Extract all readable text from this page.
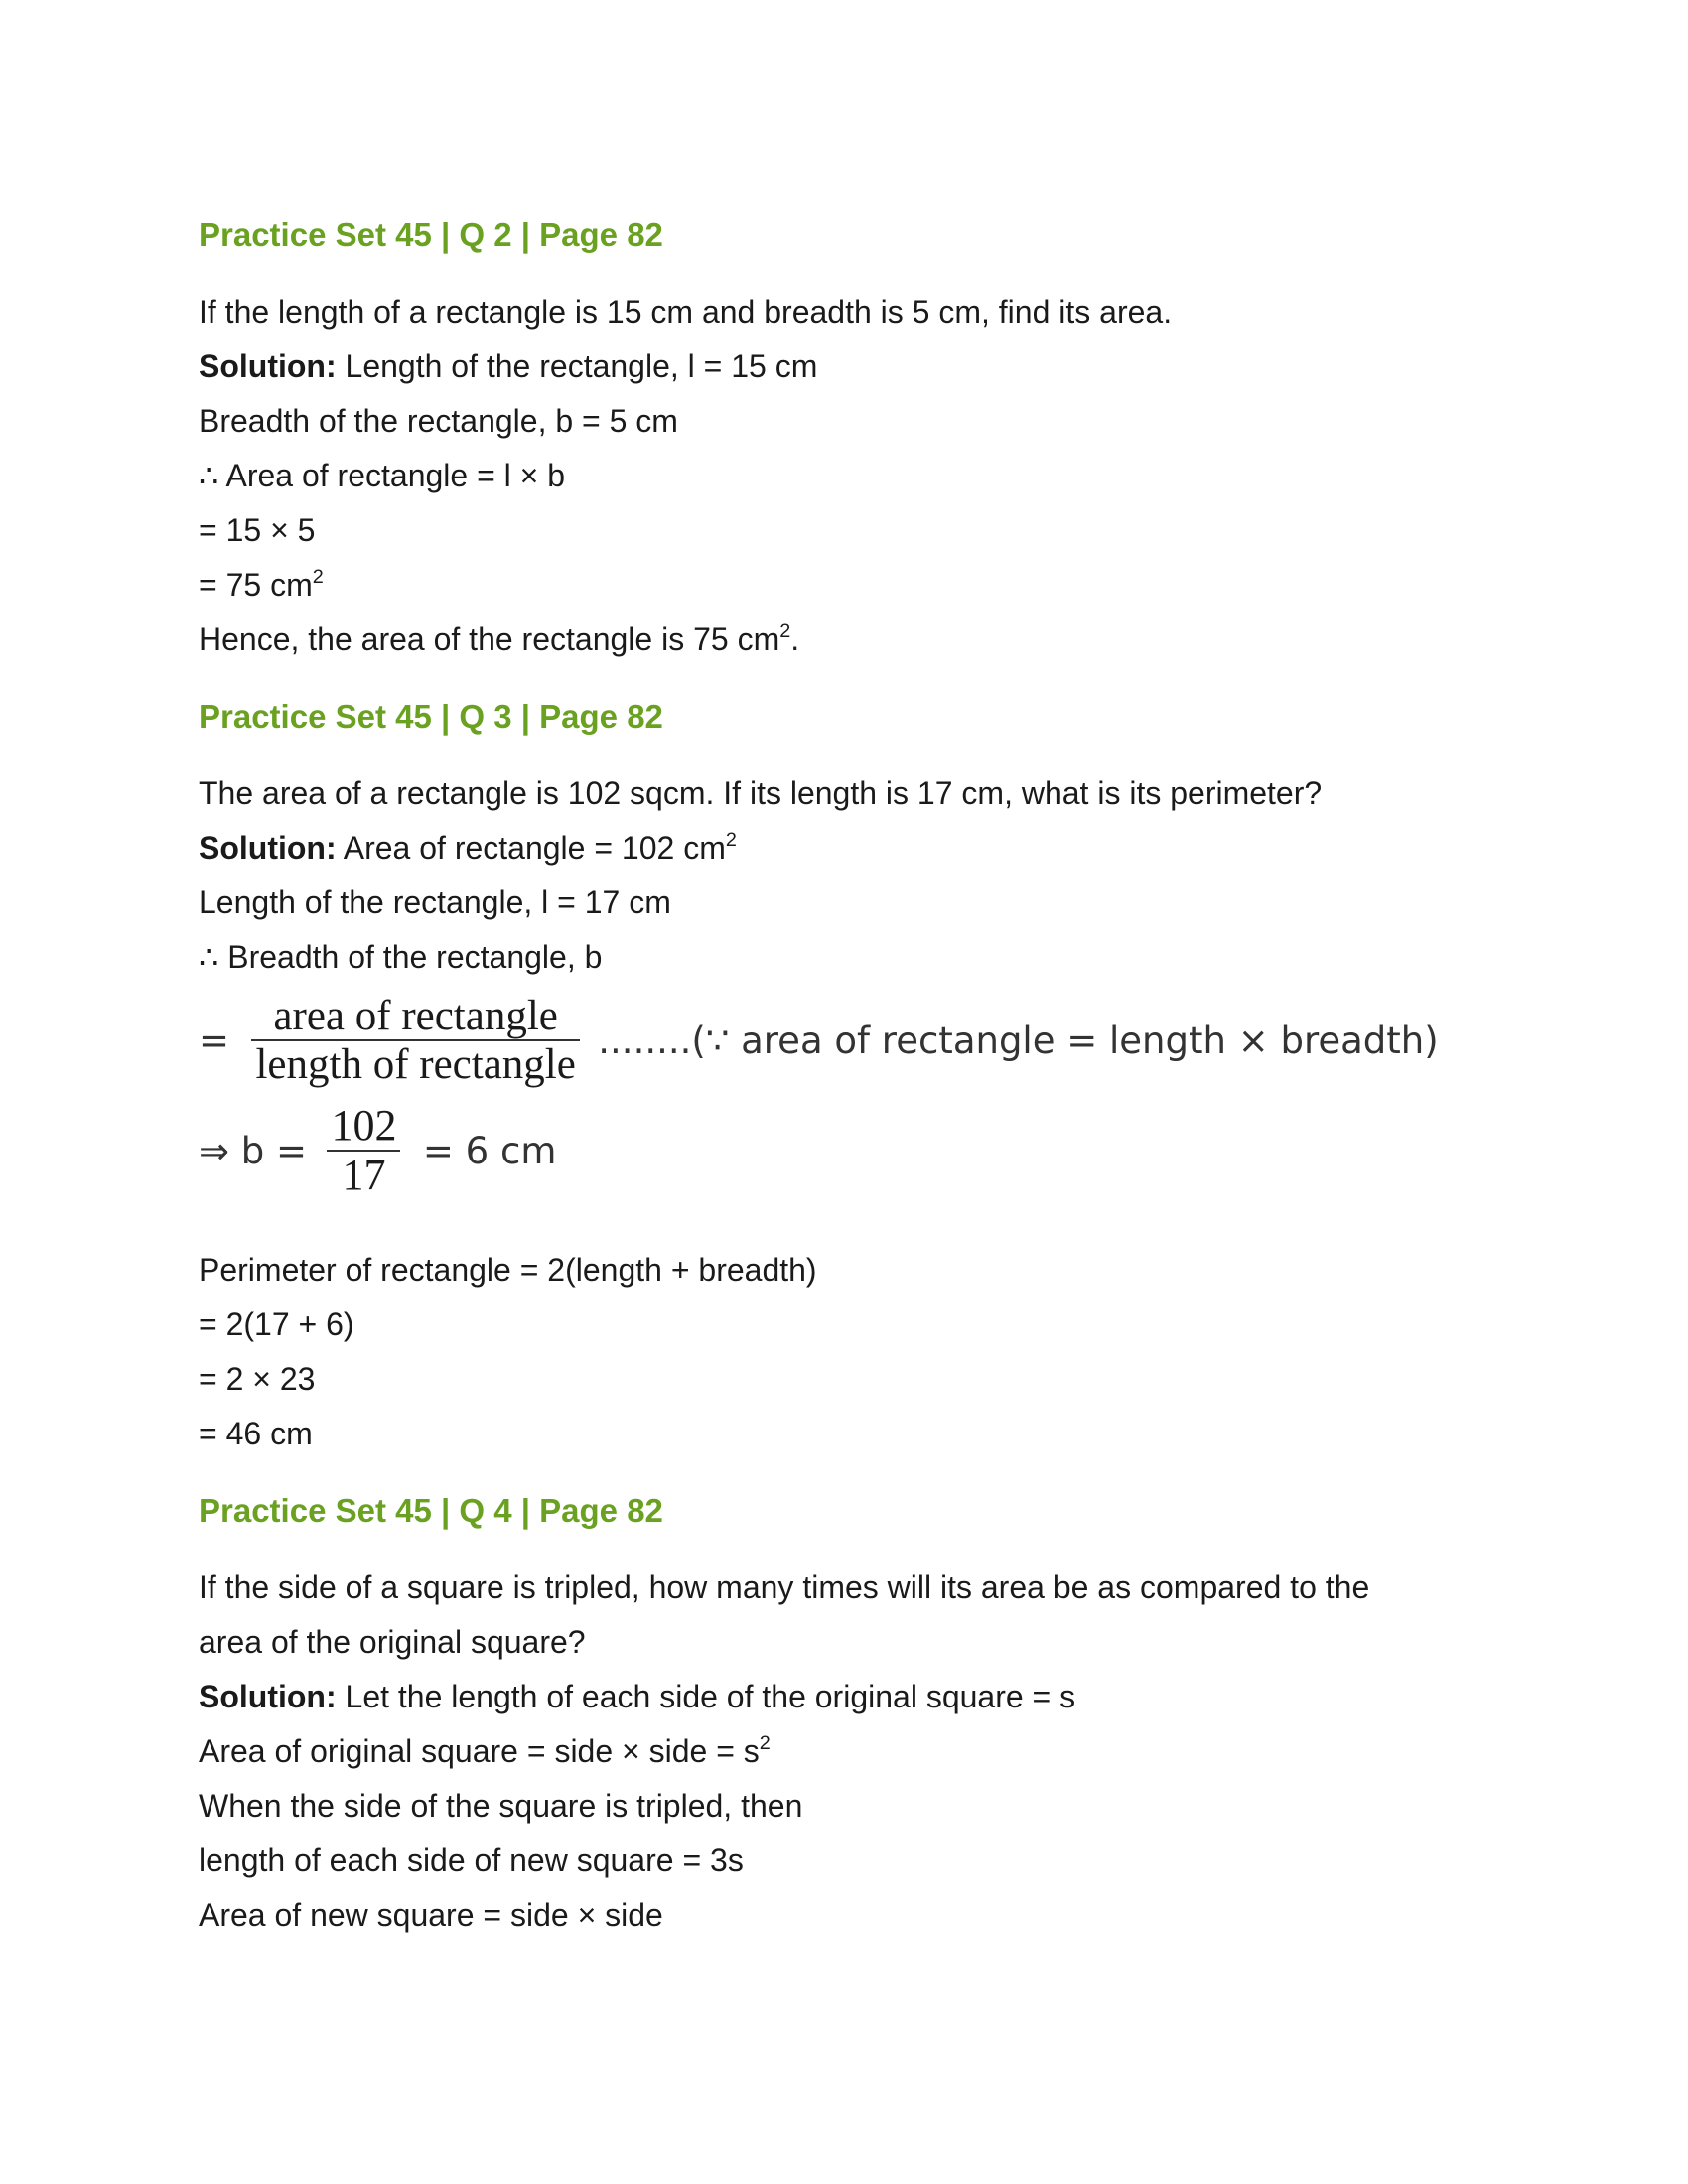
Practice Set 45 | Q 2 | Page 82
If the length of a rectangle is 15 cm and breadth is 5 cm, find its area.
Solution: Length of the rectangle, l = 15 cm
Breadth of the rectangle, b = 5 cm
∴ Area of rectangle = l × b
= 15 × 5
= 75 $cm^2$
Hence, the area of the rectangle is 75 $cm^2$.
Practice Set 45 | Q 3 | Page 82
The area of a rectangle is 102 sqcm. If its length is 17 cm, what is its perimeter?
Solution: Area of rectangle = 102 $cm^2$
Length of the rectangle, l = 17 cm
∴ Breadth of the rectangle, b
= $\frac{\text{area of rectangle}}{\text{length of rectangle}}$ ........(∵ area of rectangle = length × breadth)
⇒ $b = \frac{102}{17} = 6$ cm
Perimeter of rectangle = 2(length + breadth)
= 2(17 + 6)
= 2 × 23
= 46 cm
Practice Set 45 | Q 4 | Page 82
If the side of a square is tripled, how many times will its area be as compared to the
area of the original square?
Solution: Let the length of each side of the original square = s
Area of original square = side × side = $s^2$
When the side of the square is tripled, then
length of each side of new square = 3s
Area of new square = side × side
